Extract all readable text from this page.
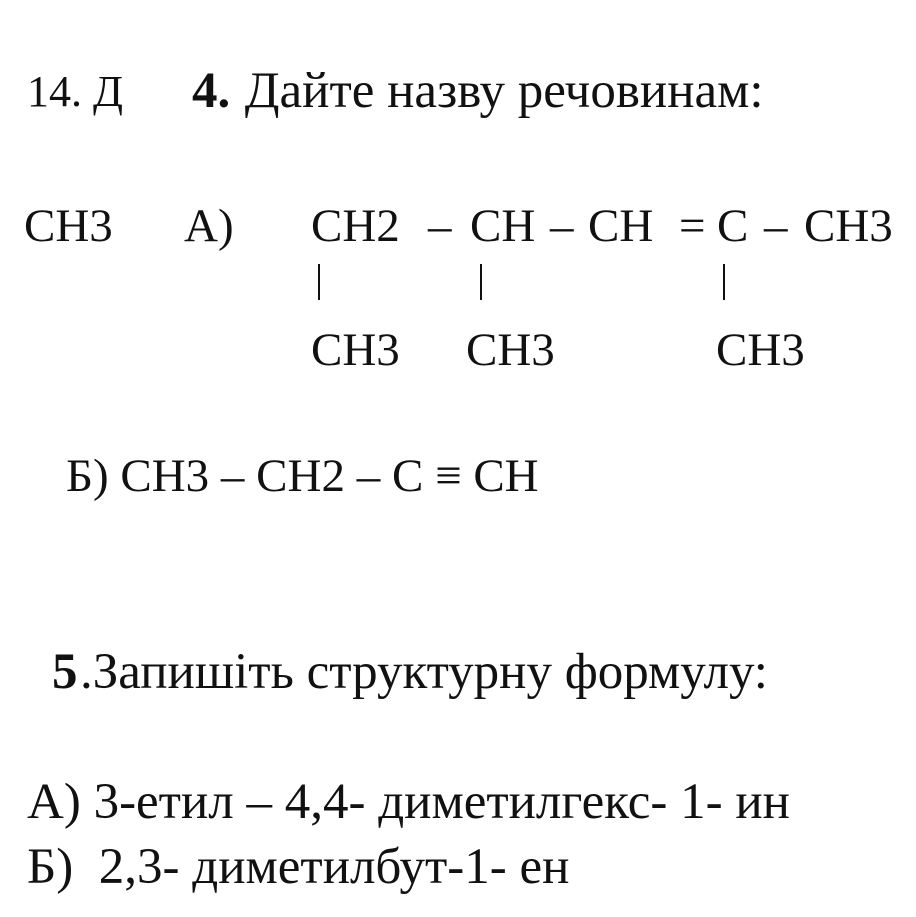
14. Д 4. Дайте назву речовинам:
CH3 А) CH2 – CH – CH = C – CH3
CH3 CH3	CH3
Б) CH3 – CH2 – C ≡ CH
5 .Запишіть структурну формулу:
А) 3-етил – 4,4- диметилгекс- 1- ин
Б)  2,3- диметилбут-1- ен
